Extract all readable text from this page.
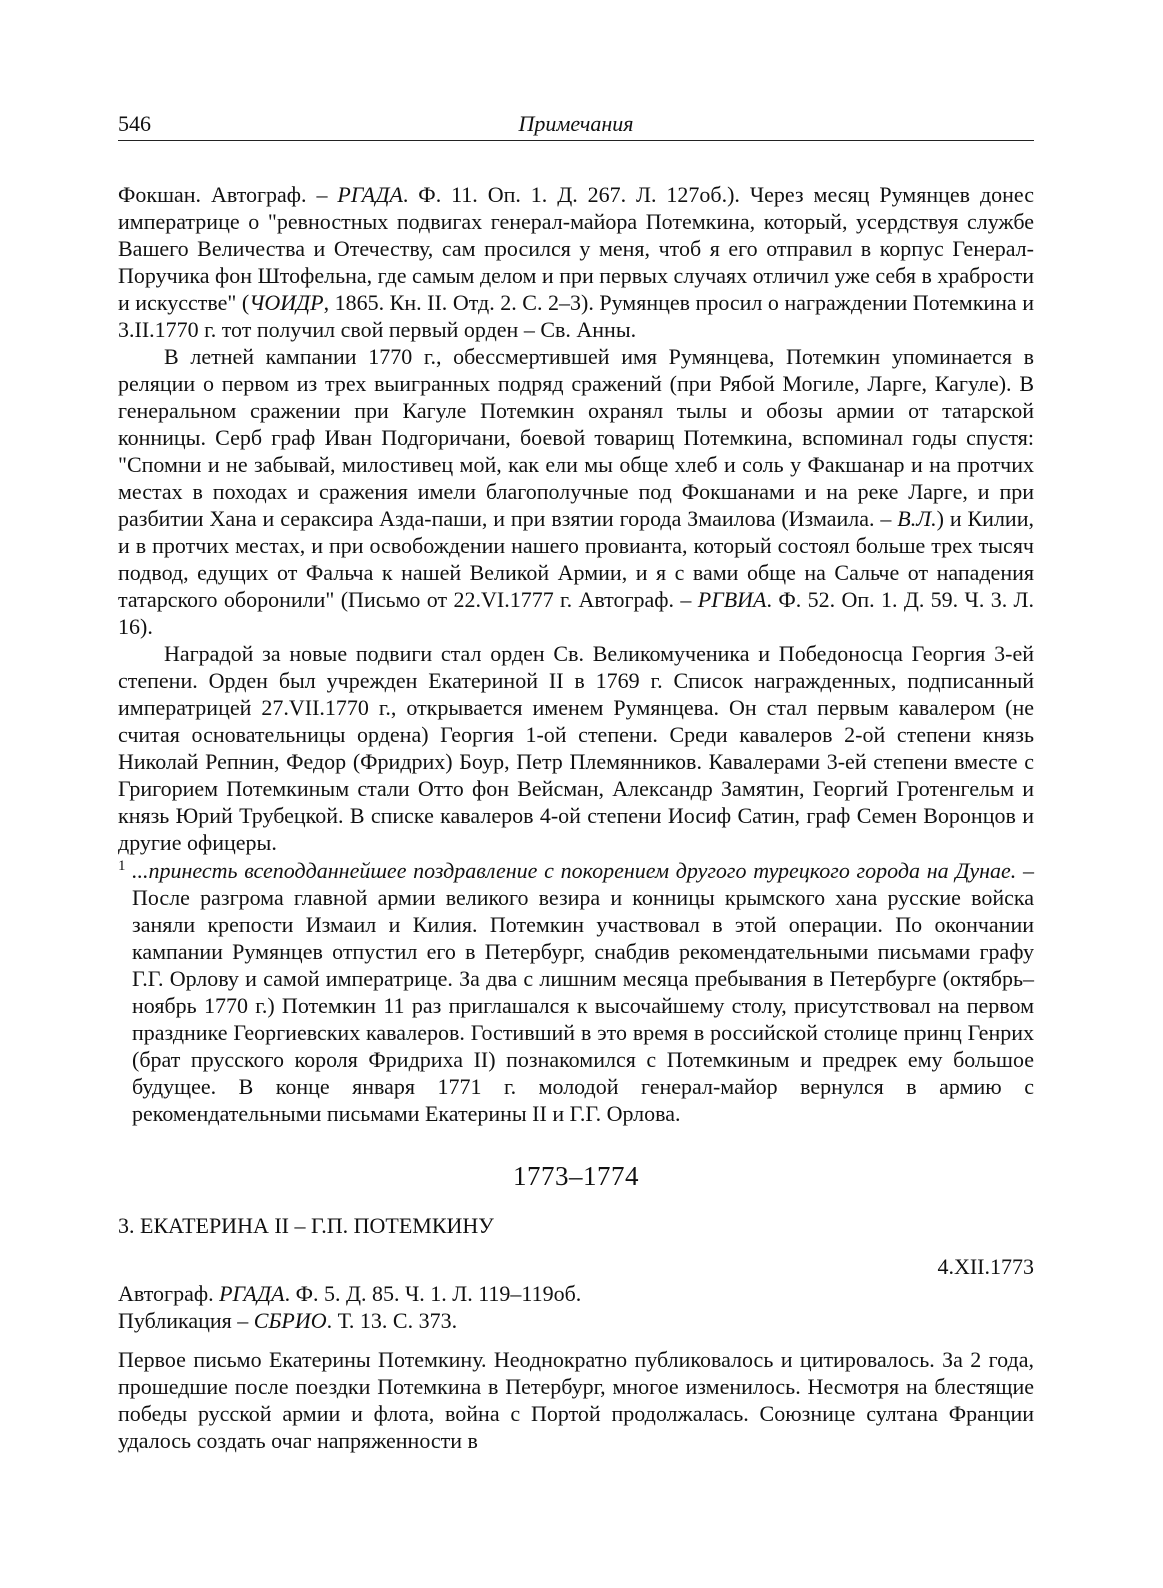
546	Примечания

Фокшан. Автограф. – РГАДА. Ф. 11. Оп. 1. Д. 267. Л. 127об.). Через месяц Румянцев донес императрице о "ревностных подвигах генерал-майора Потемкина, который, усердствуя службе Вашего Величества и Отечеству, сам просился у меня, чтоб я его отправил в корпус Генерал-Поручика фон Штофельна, где самым делом и при первых случаях отличил уже себя в храбрости и искусстве" (ЧОИДР, 1865. Кн. II. Отд. 2. С. 2–3). Румянцев просил о награждении Потемкина и 3.II.1770 г. тот получил свой первый орден – Св. Анны.

В летней кампании 1770 г., обессмертившей имя Румянцева, Потемкин упоминается в реляции о первом из трех выигранных подряд сражений (при Рябой Могиле, Ларге, Кагуле). В генеральном сражении при Кагуле Потемкин охранял тылы и обозы армии от татарской конницы. Серб граф Иван Подгоричани, боевой товарищ Потемкина, вспоминал годы спустя: "Спомни и не забывай, милостивец мой, как ели мы обще хлеб и соль у Факшанар и на протчих местах в походах и сражения имели благополучные под Фокшанами и на реке Ларге, и при разбитии Хана и сераксира Азда-паши, и при взятии города Змаилова (Измаила. – В.Л.) и Килии, и в протчих местах, и при освобождении нашего провианта, который состоял больше трех тысяч подвод, едущих от Фальча к нашей Великой Армии, и я с вами обще на Сальче от нападения татарского оборонили" (Письмо от 22.VI.1777 г. Автограф. – РГВИА. Ф. 52. Оп. 1. Д. 59. Ч. 3. Л. 16).

Наградой за новые подвиги стал орден Св. Великомученика и Победоносца Георгия 3-ей степени. Орден был учрежден Екатериной II в 1769 г. Список награжденных, подписанный императрицей 27.VII.1770 г., открывается именем Румянцева. Он стал первым кавалером (не считая основательницы ордена) Георгия 1-ой степени. Среди кавалеров 2-ой степени князь Николай Репнин, Федор (Фридрих) Боур, Петр Племянников. Кавалерами 3-ей степени вместе с Григорием Потемкиным стали Отто фон Вейсман, Александр Замятин, Георгий Гротенгельм и князь Юрий Трубецкой. В списке кавалеров 4-ой степени Иосиф Сатин, граф Семен Воронцов и другие офицеры.

1 ...принесть всеподданнейшее поздравление с покорением другого турецкого города на Дунае. – После разгрома главной армии великого везира и конницы крымского хана русские войска заняли крепости Измаил и Килия. Потемкин участвовал в этой операции. По окончании кампании Румянцев отпустил его в Петербург, снабдив рекомендательными письмами графу Г.Г. Орлову и самой императрице. За два с лишним месяца пребывания в Петербурге (октябрь–ноябрь 1770 г.) Потемкин 11 раз приглашался к высочайшему столу, присутствовал на первом празднике Георгиевских кавалеров. Гостивший в это время в российской столице принц Генрих (брат прусского короля Фридриха II) познакомился с Потемкиным и предрек ему большое будущее. В конце января 1771 г. молодой генерал-майор вернулся в армию с рекомендательными письмами Екатерины II и Г.Г. Орлова.

1773–1774

3. ЕКАТЕРИНА II – Г.П. ПОТЕМКИНУ

4.XII.1773

Автограф. РГАДА. Ф. 5. Д. 85. Ч. 1. Л. 119–119об.

Публикация – СБРИО. Т. 13. С. 373.

Первое письмо Екатерины Потемкину. Неоднократно публиковалось и цитировалось. За 2 года, прошедшие после поездки Потемкина в Петербург, многое изменилось. Несмотря на блестящие победы русской армии и флота, война с Портой продолжалась. Союзнице султана Франции удалось создать очаг напряженности в
